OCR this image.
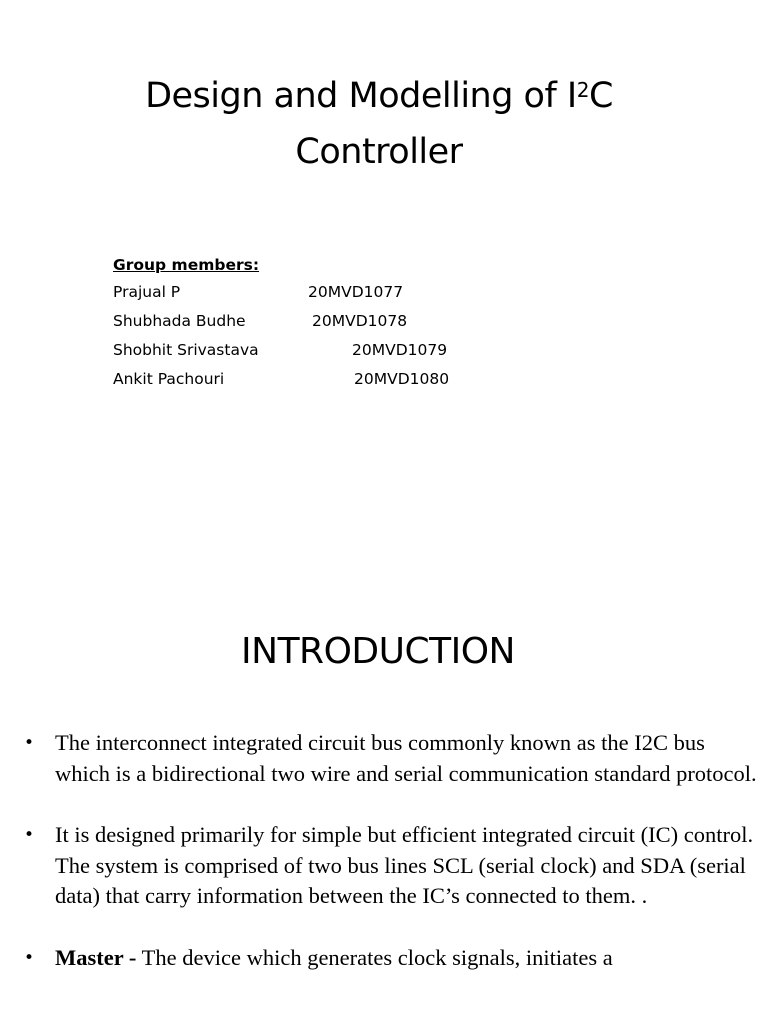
Design and Modelling of $I^2C$
Controller
Group members:
Prajual P	20MVD1077
Shubhada Budhe	20MVD1078
Shobhit Srivastava	20MVD1079
Ankit Pachouri	20MVD1080
INTRODUCTION
• The interconnect integrated circuit bus commonly known as the I2C bus which is a bidirectional two wire and serial communication standard protocol.
• It is designed primarily for simple but efficient integrated circuit (IC) control. The system is comprised of two bus lines SCL (serial clock) and SDA (serial data) that carry information between the IC’s connected to them. .
• Master - The device which generates clock signals, initiates a
